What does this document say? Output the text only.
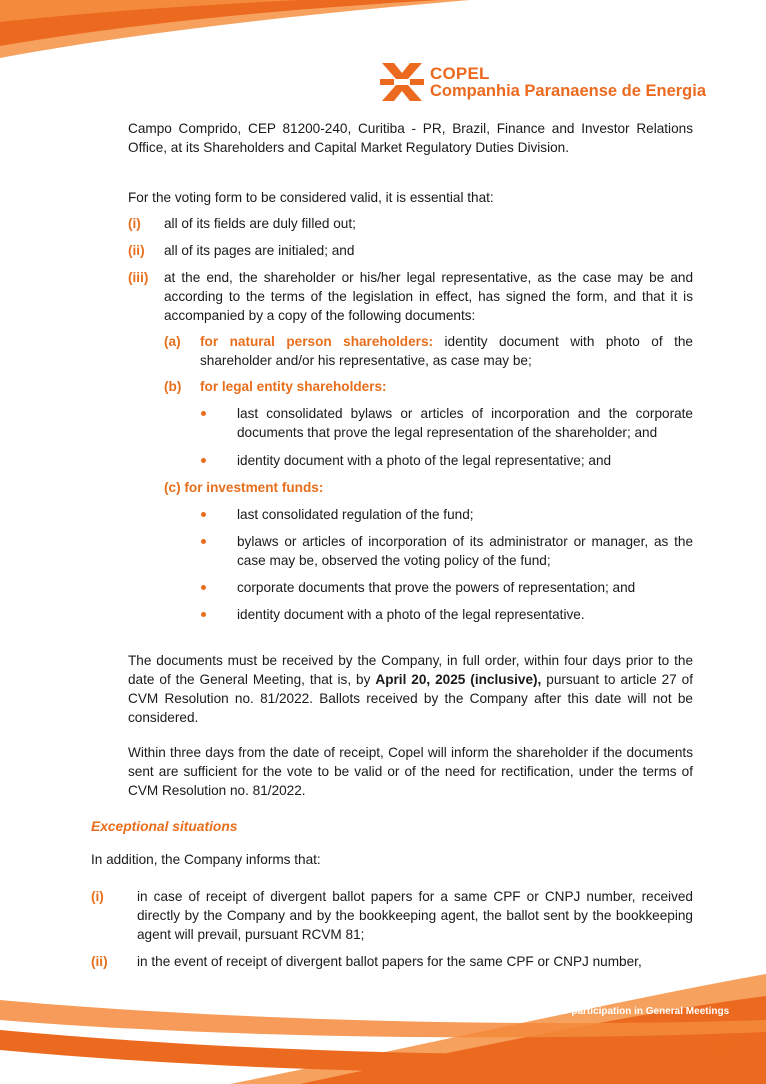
COPEL
Companhia Paranaense de Energia
Campo Comprido, CEP 81200-240, Curitiba - PR, Brazil, Finance and Investor Relations Office, at its Shareholders and Capital Market Regulatory Duties Division.
For the voting form to be considered valid, it is essential that:
(i) all of its fields are duly filled out;
(ii) all of its pages are initialed; and
(iii) at the end, the shareholder or his/her legal representative, as the case may be and according to the terms of the legislation in effect, has signed the form, and that it is accompanied by a copy of the following documents:
(a) for natural person shareholders: identity document with photo of the shareholder and/or his representative, as case may be;
(b) for legal entity shareholders:
last consolidated bylaws or articles of incorporation and the corporate documents that prove the legal representation of the shareholder; and
identity document with a photo of the legal representative; and
(c) for investment funds:
last consolidated regulation of the fund;
bylaws or articles of incorporation of its administrator or manager, as the case may be, observed the voting policy of the fund;
corporate documents that prove the powers of representation; and
identity document with a photo of the legal representative.
The documents must be received by the Company, in full order, within four days prior to the date of the General Meeting, that is, by April 20, 2025 (inclusive), pursuant to article 27 of CVM Resolution no. 81/2022. Ballots received by the Company after this date will not be considered.
Within three days from the date of receipt, Copel will inform the shareholder if the documents sent are sufficient for the vote to be valid or of the need for rectification, under the terms of CVM Resolution no. 81/2022.
Exceptional situations
In addition, the Company informs that:
(i) in case of receipt of divergent ballot papers for a same CPF or CNPJ number, received directly by the Company and by the bookkeeping agent, the ballot sent by the bookkeeping agent will prevail, pursuant RCVM 81;
(ii) in the event of receipt of divergent ballot papers for the same CPF or CNPJ number,
Manual for participation in General Meetings
5/28
